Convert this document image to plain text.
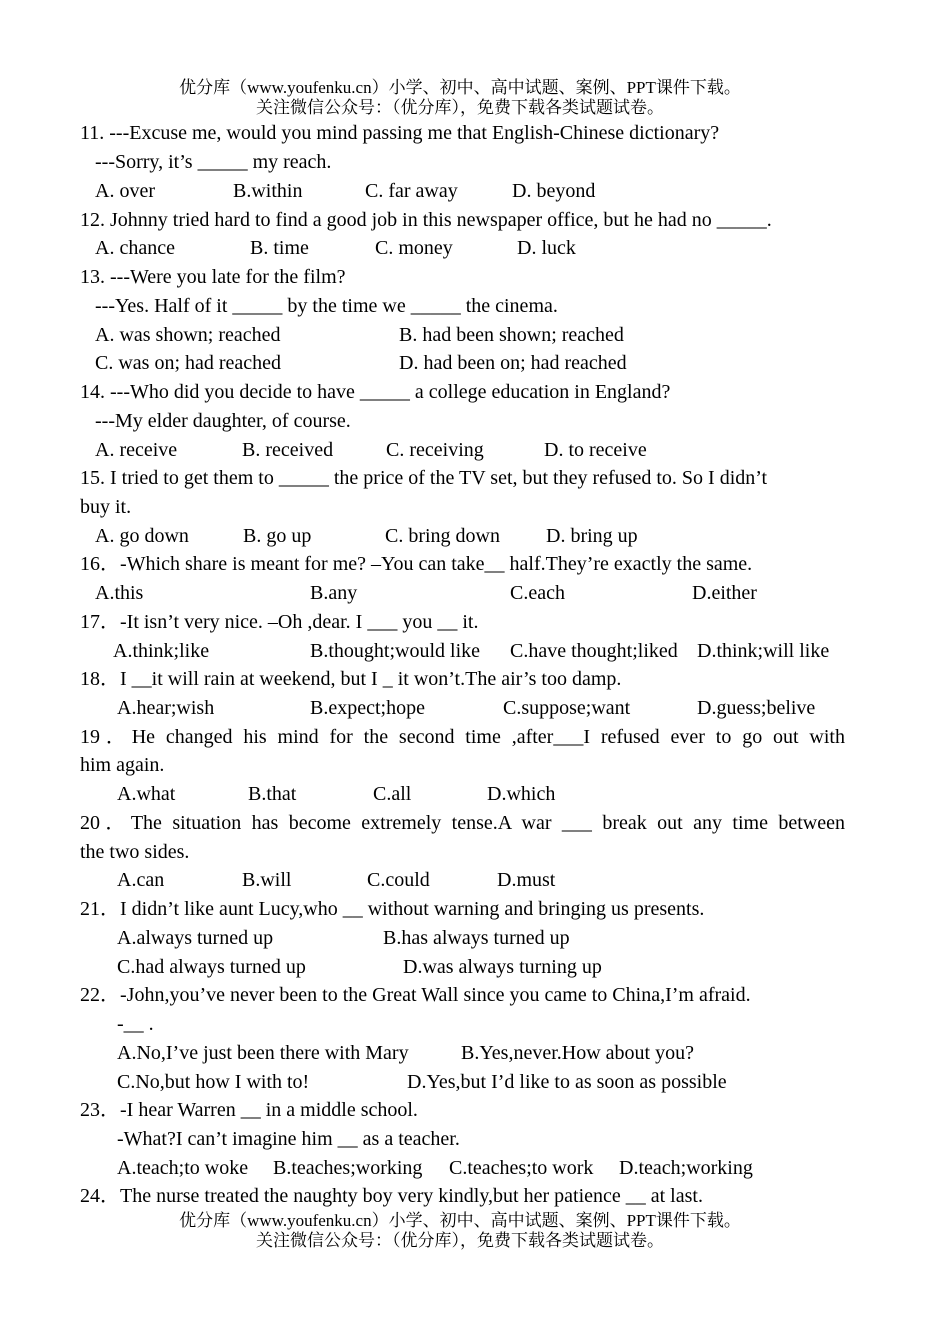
优分库（www.youfenku.cn）小学、初中、高中试题、案例、PPT课件下载。
关注微信公众号：（优分库），免费下载各类试题试卷。
11. ---Excuse me, would you mind passing me that English-Chinese dictionary?
---Sorry, it’s _____ my reach.
A. over	B.within	C. far away	D. beyond
12. Johnny tried hard to find a good job in this newspaper office, but he had no _____.
A. chance	B. time	C. money	D. luck
13. ---Were you late for the film?
---Yes. Half of it _____ by the time we _____ the cinema.
A. was shown; reached	B. had been shown; reached
C. was on; had reached	D. had been on; had reached
14. ---Who did you decide to have _____ a college education in England?
---My elder daughter, of course.
A. receive	B. received	C. receiving	D. to receive
15. I tried to get them to _____ the price of the TV set, but they refused to. So I didn’t
buy it.
A. go down	B. go up	C. bring down D. bring up
16．-Which share is meant for me? –You can take__ half.They’re exactly the same.
A.this	B.any	C.each	D.either
17．-It isn’t very nice. –Oh ,dear. I ___ you __ it.
A.think;like	B.thought;would like C.have thought;liked D.think;will like
18．I __it will rain at weekend, but I _ it won’t.The air’s too damp.
A.hear;wish	B.expect;hope	C.suppose;want	D.guess;belive
19．He changed his mind for the second time ,after___I refused ever to go out with
him again.
A.what	B.that	C.all	D.which
20．The situation has become extremely tense.A war ___ break out any time between
the two sides.
A.can	B.will	C.could	D.must
21．I didn’t like aunt Lucy,who __ without warning and bringing us presents.
A.always turned up	B.has always turned up
C.had always turned up	D.was always turning up
22．-John,you’ve never been to the Great Wall since you came to China,I’m afraid.
-__ .
A.No,I’ve just been there with Mary	B.Yes,never.How about you?
C.No,but how I with to!	D.Yes,but I’d like to as soon as possible
23．-I hear Warren __ in a middle school.
-What?I can’t imagine him __ as a teacher.
A.teach;to woke B.teaches;working C.teaches;to work D.teach;working
24．The nurse treated the naughty boy very kindly,but her patience __ at last.
优分库（www.youfenku.cn）小学、初中、高中试题、案例、PPT课件下载。
关注微信公众号：（优分库），免费下载各类试题试卷。
